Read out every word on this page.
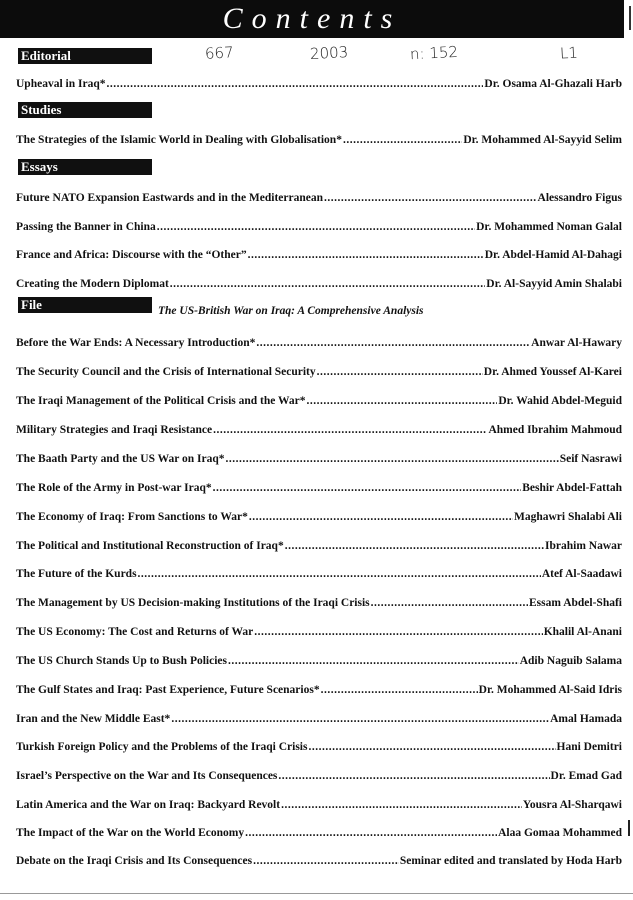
Contents
667	2003	n: 152	L1
Editorial
Upheaval in Iraq* .....	Dr. Osama Al-Ghazali Harb
Studies
The Strategies of the Islamic World in Dealing with Globalisation* .....	Dr. Mohammed Al-Sayyid Selim
Essays
Future NATO Expansion Eastwards and in the Mediterranean .....	Alessandro Figus
Passing the Banner in China .....	Dr. Mohammed Noman Galal
France and Africa: Discourse with the “Other” .....	Dr. Abdel-Hamid Al-Dahagi
Creating the Modern Diplomat .....	Dr. Al-Sayyid Amin Shalabi
File	The US-British War on Iraq: A Comprehensive Analysis
Before the War Ends: A Necessary Introduction* .....	Anwar Al-Hawary
The Security Council and the Crisis of International Security .....	Dr. Ahmed Youssef Al-Karei
The Iraqi Management of the Political Crisis and the War* .....	Dr. Wahid Abdel-Meguid
Military Strategies and Iraqi Resistance .....	Ahmed Ibrahim Mahmoud
The Baath Party and the US War on Iraq* .....	Seif Nasrawi
The Role of the Army in Post-war Iraq* .....	Beshir Abdel-Fattah
The Economy of Iraq: From Sanctions to War* .....	Maghawri Shalabi Ali
The Political and Institutional Reconstruction of Iraq* .....	Ibrahim Nawar
The Future of the Kurds .....	Atef Al-Saadawi
The Management by US Decision-making Institutions of the Iraqi Crisis .....	Essam Abdel-Shafi
The US Economy: The Cost and Returns of War .....	Khalil Al-Anani
The US Church Stands Up to Bush Policies .....	Adib Naguib Salama
The Gulf States and Iraq: Past Experience, Future Scenarios* .....	Dr. Mohammed Al-Said Idris
Iran and the New Middle East* .....	Amal Hamada
Turkish Foreign Policy and the Problems of the Iraqi Crisis .....	Hani Demitri
Israel’s Perspective on the War and Its Consequences .....	Dr. Emad Gad
Latin America and the War on Iraq: Backyard Revolt .....	Yousra Al-Sharqawi
The Impact of the War on the World Economy .....	Alaa Gomaa Mohammed
Debate on the Iraqi Crisis and Its Consequences .....	Seminar edited and translated by Hoda Harb
